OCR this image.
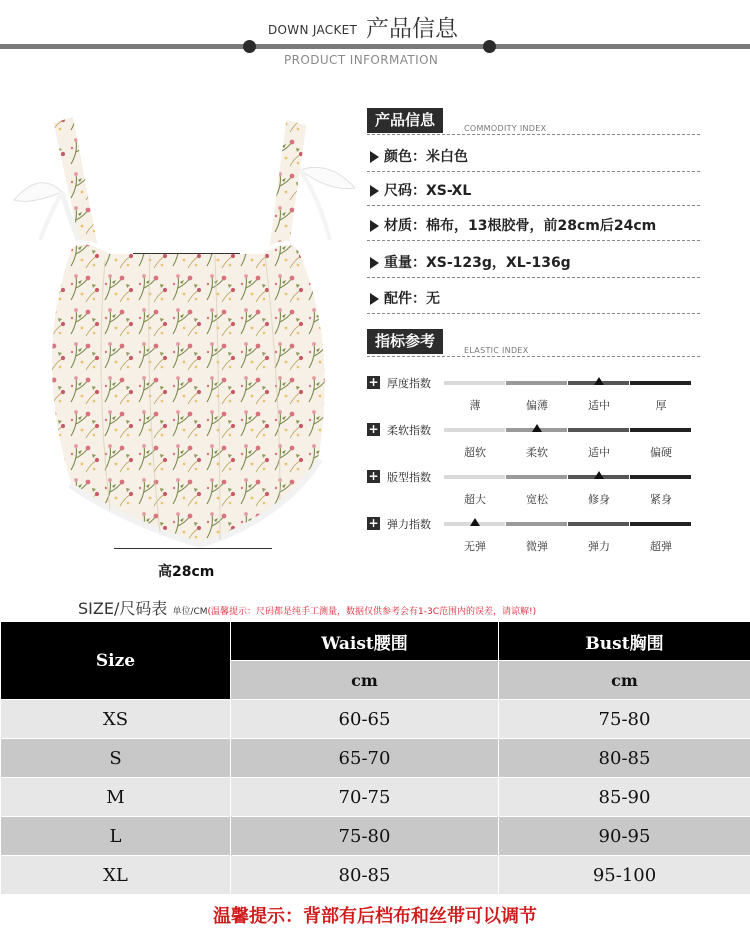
DOWN JACKET 产品信息
PRODUCT INFORMATION
高28cm
产品信息	COMMODITY INDEX
颜色：米白色
尺码：XS-XL
材质：棉布，13根胶骨，前28cm后24cm
重量：XS-123g，XL-136g
配件：无
指标参考
ELASTIC INDEX
+ 厚度指数
薄	偏薄	适中	厚
+ 柔软指数
超软	柔软	适中	偏硬
+ 版型指数
超大	宽松	修身	紧身
+ 弹力指数
无弹	微弹	弹力	超弹
SIZE/尺码表 单位/CM(温馨提示：尺码都是纯手工测量，数据仅供参考会有1-3C范围内的误差，请谅解!)
Size	Waist腰围	Bust胸围
	cm	cm
XS	60-65	75-80
S	65-70	80-85
M	70-75	85-90
L	75-80	90-95
XL	80-85	95-100
温馨提示：背部有后档布和丝带可以调节
